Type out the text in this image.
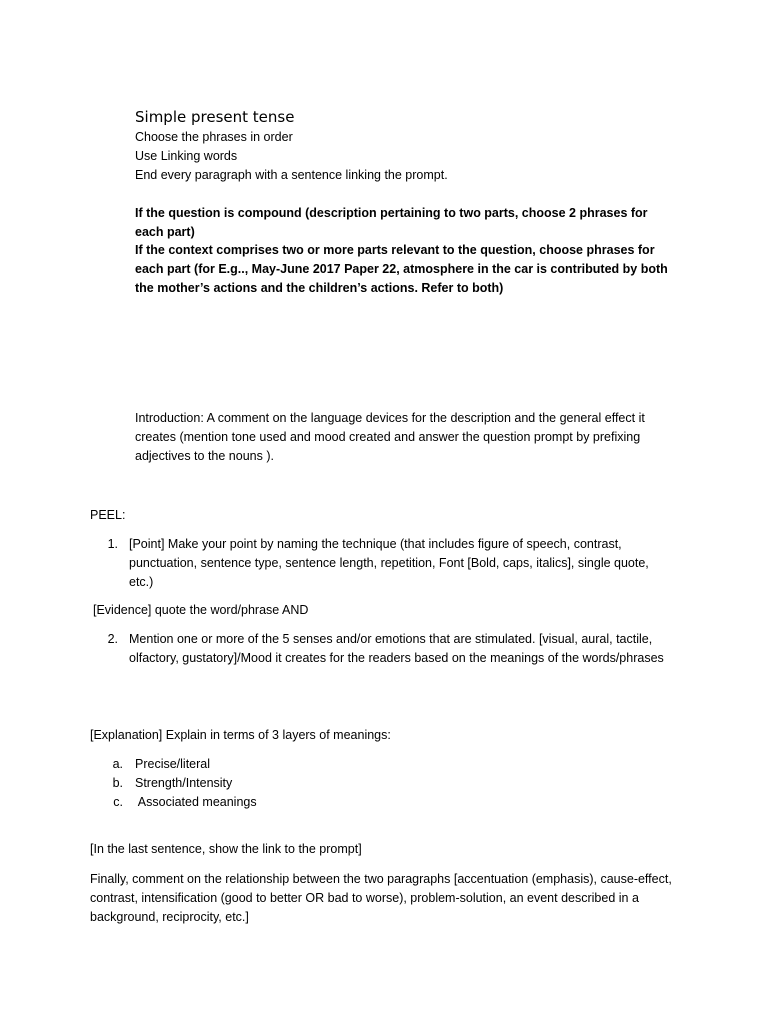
Simple present tense
Choose the phrases in order
Use Linking words
End every paragraph with a sentence linking the prompt.
If the question is compound (description pertaining to two parts, choose 2 phrases for each part)
If the context comprises two or more parts relevant to the question, choose phrases for each part (for E.g.., May-June 2017 Paper 22, atmosphere in the car is contributed by both the mother’s actions and the children’s actions. Refer to both)
Introduction: A comment on the language devices for the description and the general effect it creates (mention tone used and mood created and answer the question prompt by prefixing adjectives to the nouns ).
PEEL:
1. [Point] Make your point by naming the technique (that includes figure of speech, contrast, punctuation, sentence type, sentence length, repetition, Font [Bold, caps, italics], single quote, etc.)
[Evidence] quote the word/phrase AND
2. Mention one or more of the 5 senses and/or emotions that are stimulated. [visual, aural, tactile, olfactory, gustatory]/Mood it creates for the readers based on the meanings of the words/phrases
[Explanation] Explain in terms of 3 layers of meanings:
a. Precise/literal
b. Strength/Intensity
c. Associated meanings
[In the last sentence, show the link to the prompt]
Finally, comment on the relationship between the two paragraphs [accentuation (emphasis), cause-effect, contrast, intensification (good to better OR bad to worse), problem-solution, an event described in a background, reciprocity, etc.]
